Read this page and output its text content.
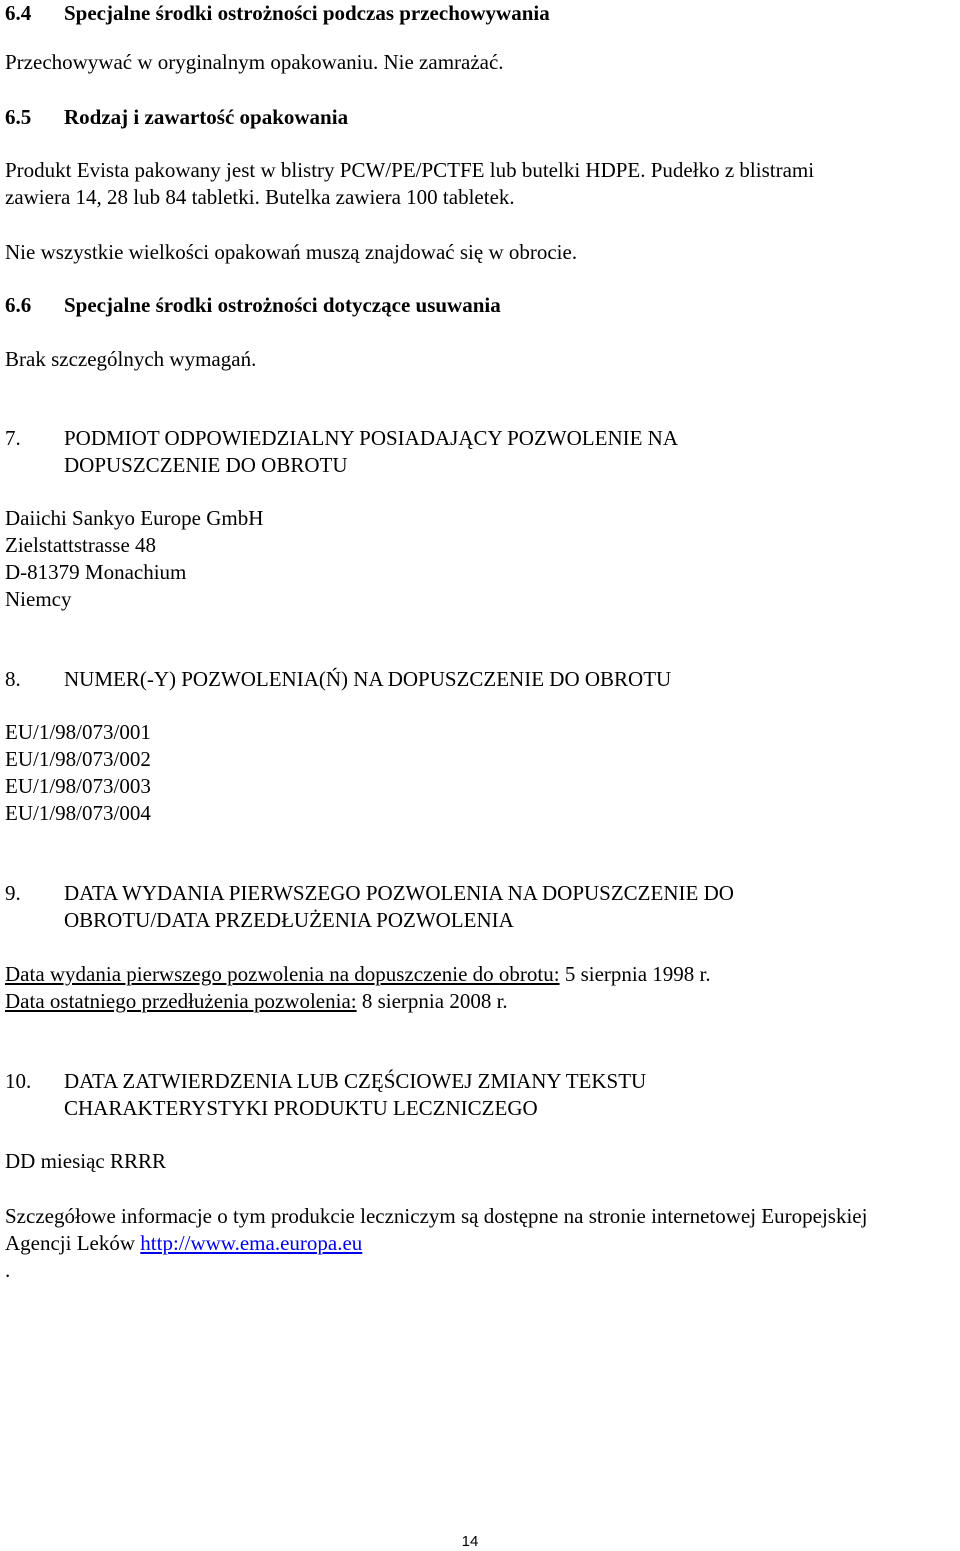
6.4 Specjalne środki ostrożności podczas przechowywania

Przechowywać w oryginalnym opakowaniu. Nie zamrażać.

6.5 Rodzaj i zawartość opakowania

Produkt Evista pakowany jest w blistry PCW/PE/PCTFE lub butelki HDPE. Pudełko z blistrami
zawiera 14, 28 lub 84 tabletki. Butelka zawiera 100 tabletek.

Nie wszystkie wielkości opakowań muszą znajdować się w obrocie.

6.6 Specjalne środki ostrożności dotyczące usuwania

Brak szczególnych wymagań.

7. PODMIOT ODPOWIEDZIALNY POSIADAJĄCY POZWOLENIE NA
DOPUSZCZENIE DO OBROTU

Daiichi Sankyo Europe GmbH
Zielstattstrasse 48
D-81379 Monachium
Niemcy

8. NUMER(-Y) POZWOLENIA(Ń) NA DOPUSZCZENIE DO OBROTU

EU/1/98/073/001
EU/1/98/073/002
EU/1/98/073/003
EU/1/98/073/004

9. DATA WYDANIA PIERWSZEGO POZWOLENIA NA DOPUSZCZENIE DO
OBROTU/DATA PRZEDŁUŻENIA POZWOLENIA

Data wydania pierwszego pozwolenia na dopuszczenie do obrotu: 5 sierpnia 1998 r.
Data ostatniego przedłużenia pozwolenia: 8 sierpnia 2008 r.

10. DATA ZATWIERDZENIA LUB CZĘŚCIOWEJ ZMIANY TEKSTU
CHARAKTERYSTYKI PRODUKTU LECZNICZEGO

DD miesiąc RRRR

Szczegółowe informacje o tym produkcie leczniczym są dostępne na stronie internetowej Europejskiej
Agencji Leków http://www.ema.europa.eu
.

14
